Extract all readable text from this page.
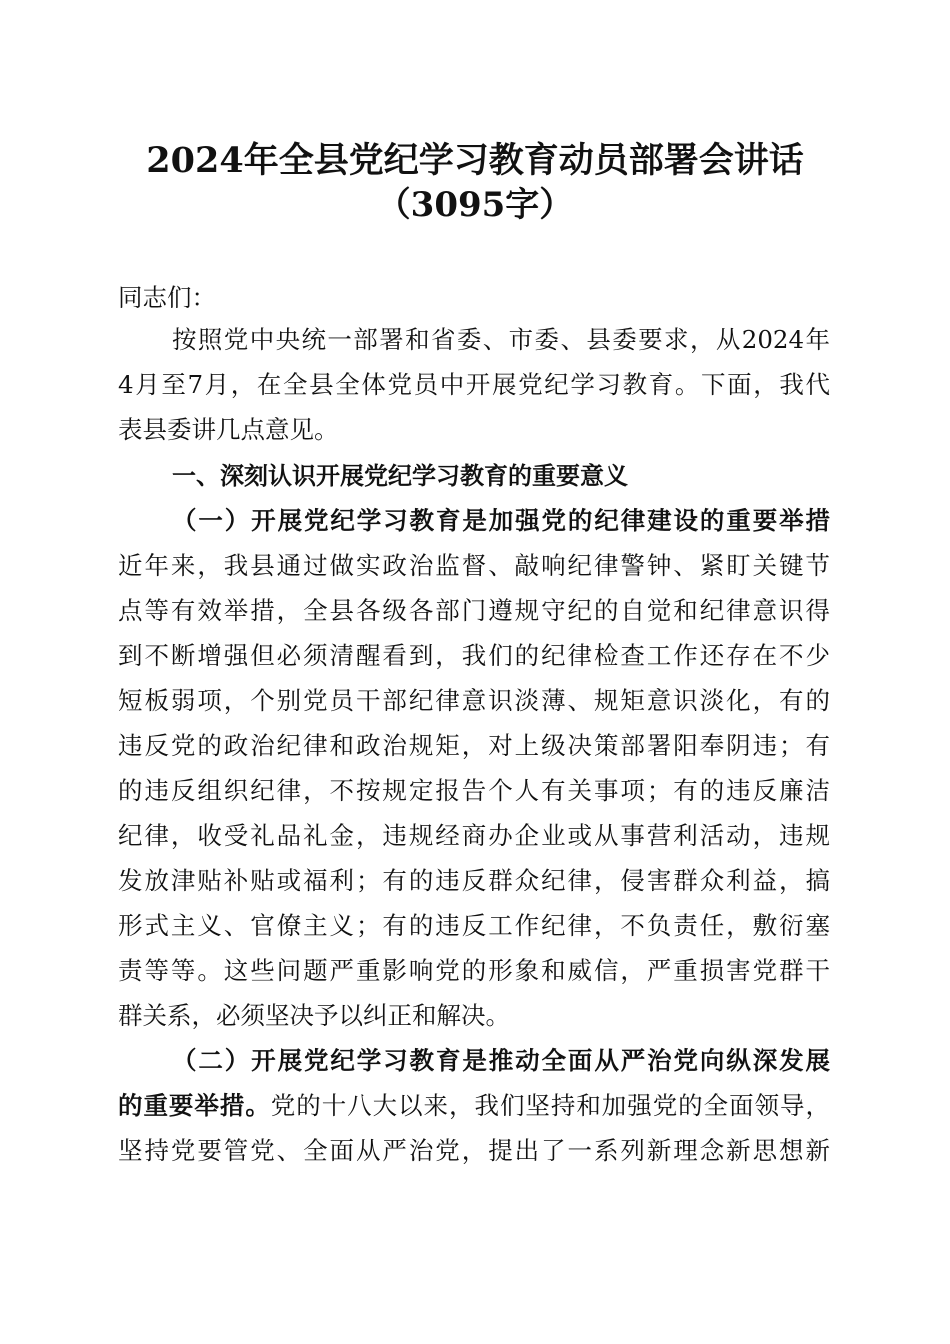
2024年全县党纪学习教育动员部署会讲话
（3095字）
同志们：
按照党中央统一部署和省委、市委、县委要求，从2024年
4月至7月，在全县全体党员中开展党纪学习教育。下面，我代
表县委讲几点意见。
一、深刻认识开展党纪学习教育的重要意义
（一）开展党纪学习教育是加强党的纪律建设的重要举措
近年来，我县通过做实政治监督、敲响纪律警钟、紧盯关键节
点等有效举措，全县各级各部门遵规守纪的自觉和纪律意识得
到不断增强但必须清醒看到，我们的纪律检查工作还存在不少
短板弱项，个别党员干部纪律意识淡薄、规矩意识淡化，有的
违反党的政治纪律和政治规矩，对上级决策部署阳奉阴违；有
的违反组织纪律，不按规定报告个人有关事项；有的违反廉洁
纪律，收受礼品礼金，违规经商办企业或从事营利活动，违规
发放津贴补贴或福利；有的违反群众纪律，侵害群众利益，搞
形式主义、官僚主义；有的违反工作纪律，不负责任，敷衍塞
责等等。这些问题严重影响党的形象和威信，严重损害党群干
群关系，必须坚决予以纠正和解决。
（二）开展党纪学习教育是推动全面从严治党向纵深发展
的重要举措。党的十八大以来，我们坚持和加强党的全面领导，
坚持党要管党、全面从严治党，提出了一系列新理念新思想新
